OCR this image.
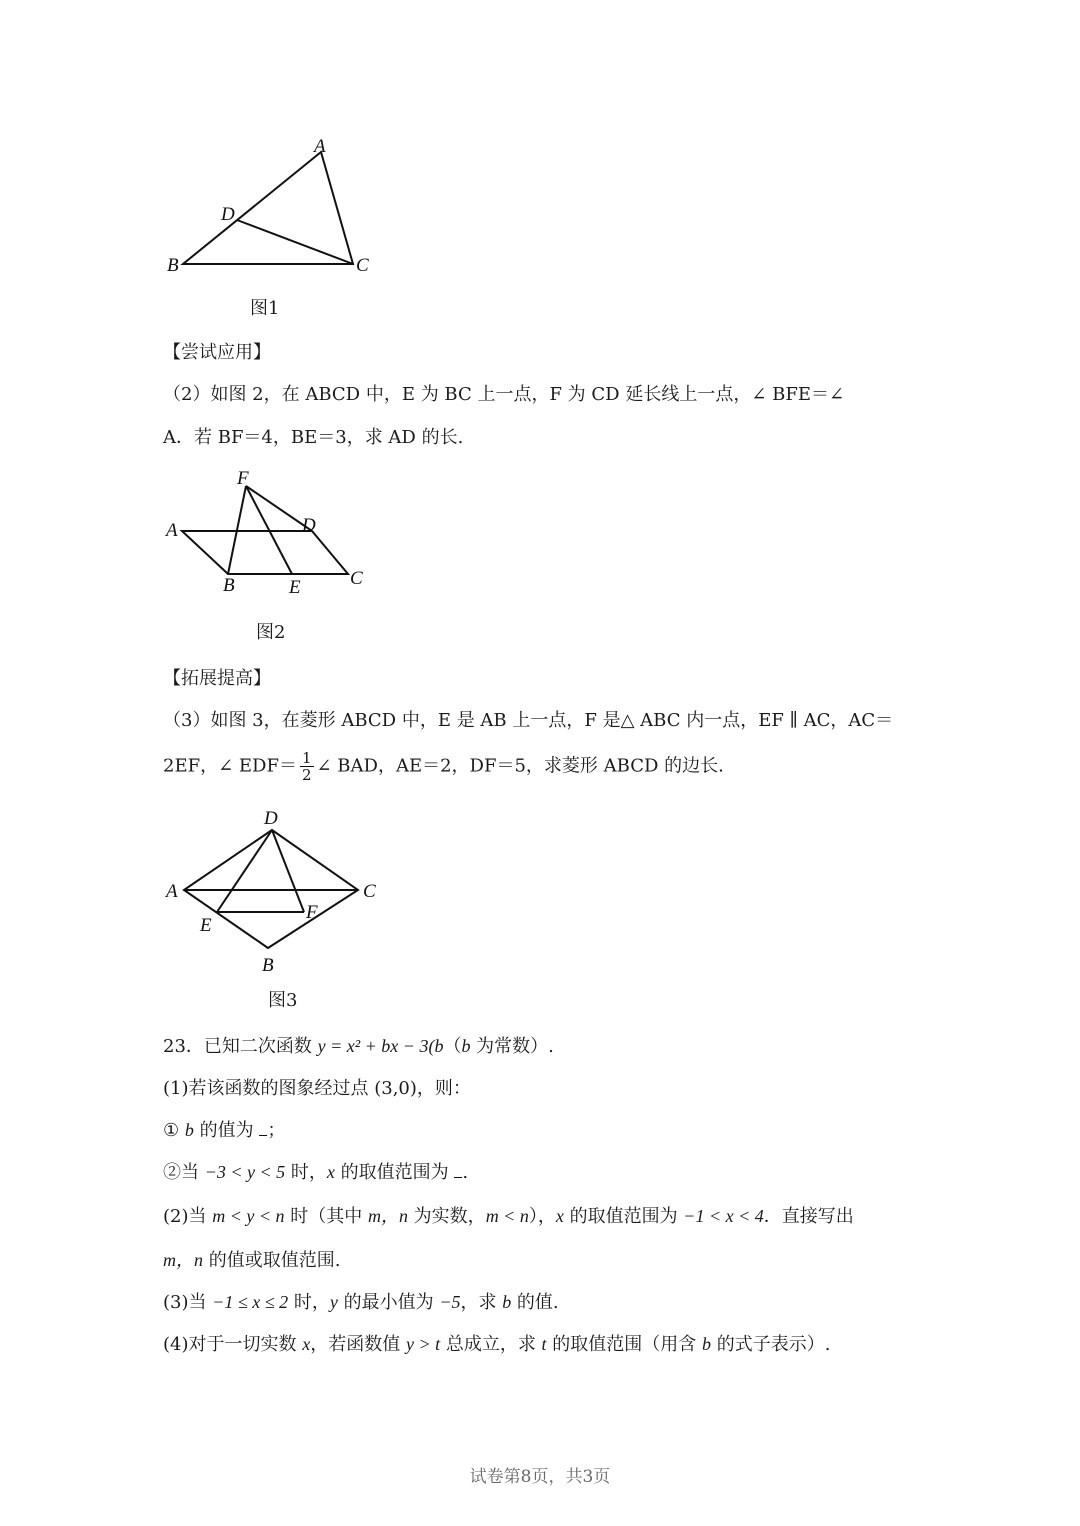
A
B	C
D
图1
【尝试应用】
（2）如图 2，在 ABCD 中，E 为 BC 上一点，F 为 CD 延长线上一点，∠ BFE＝∠
A．若 BF＝4，BE＝3，求 AD 的长.
F
A	D
B	E	C
图2
【拓展提高】
（3）如图 3，在菱形 ABCD 中，E 是 AB 上一点，F 是△ ABC 内一点，EF ∥ AC，AC＝
2EF，∠ $EDF= \frac{1}{2}$ ∠ BAD，AE＝2，DF＝5，求菱形 ABCD 的边长.
D
A	C
E
F
B
图3
23．已知二次函数 y = x² + bx − 3(b（b 为常数）.
(1)若该函数的图象经过点 (3,0)，则：
① b 的值为 ；
②当 −3 < y < 5 时，x 的取值范围为 .
(2)当 m < y < n 时（其中 m，n 为实数，m < n），x 的取值范围为 −1 < x < 4．直接写出
m，n 的值或取值范围.
(3)当 −1 ≤ x ≤ 2 时，y 的最小值为 −5，求 b 的值.
(4)对于一切实数 x，若函数值 y > t 总成立，求 t 的取值范围（用含 b 的式子表示）.
试卷第8页，共3页
